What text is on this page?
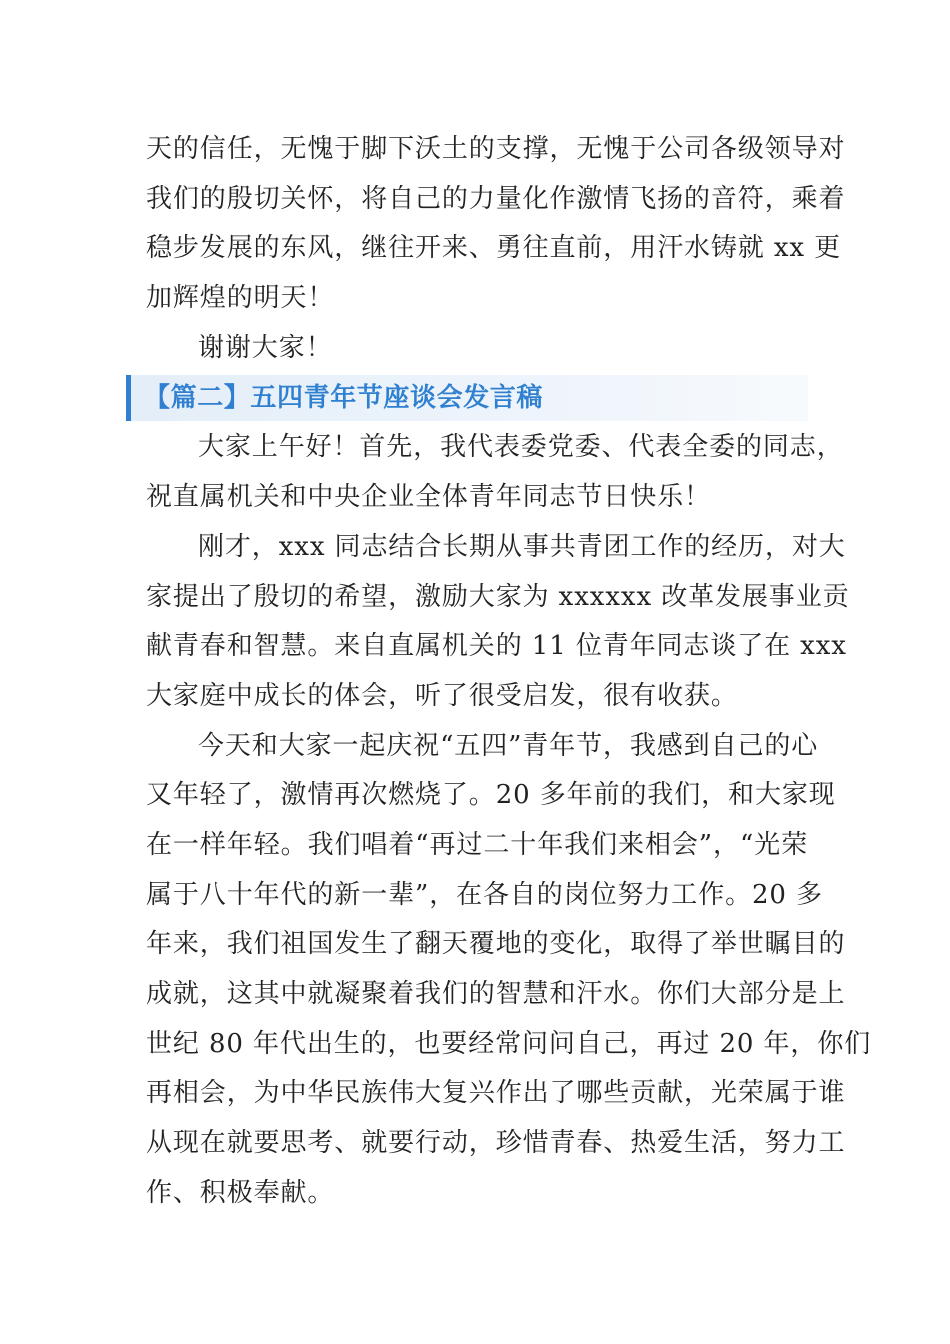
天的信任，无愧于脚下沃土的支撑，无愧于公司各级领导对
我们的殷切关怀，将自己的力量化作激情飞扬的音符，乘着
稳步发展的东风，继往开来、勇往直前，用汗水铸就 xx 更
加辉煌的明天！
谢谢大家！
【篇二】五四青年节座谈会发言稿
大家上午好！首先，我代表委党委、代表全委的同志，
祝直属机关和中央企业全体青年同志节日快乐！
刚才，xxx 同志结合长期从事共青团工作的经历，对大
家提出了殷切的希望，激励大家为 xxxxxx 改革发展事业贡
献青春和智慧。来自直属机关的 11 位青年同志谈了在 xxx
大家庭中成长的体会，听了很受启发，很有收获。
今天和大家一起庆祝“五四”青年节，我感到自己的心
又年轻了，激情再次燃烧了。20 多年前的我们，和大家现
在一样年轻。我们唱着“再过二十年我们来相会”，“光荣
属于八十年代的新一辈”，在各自的岗位努力工作。20 多
年来，我们祖国发生了翻天覆地的变化，取得了举世瞩目的
成就，这其中就凝聚着我们的智慧和汗水。你们大部分是上
世纪 80 年代出生的，也要经常问问自己，再过 20 年，你们
再相会，为中华民族伟大复兴作出了哪些贡献，光荣属于谁
从现在就要思考、就要行动，珍惜青春、热爱生活，努力工
作、积极奉献。
